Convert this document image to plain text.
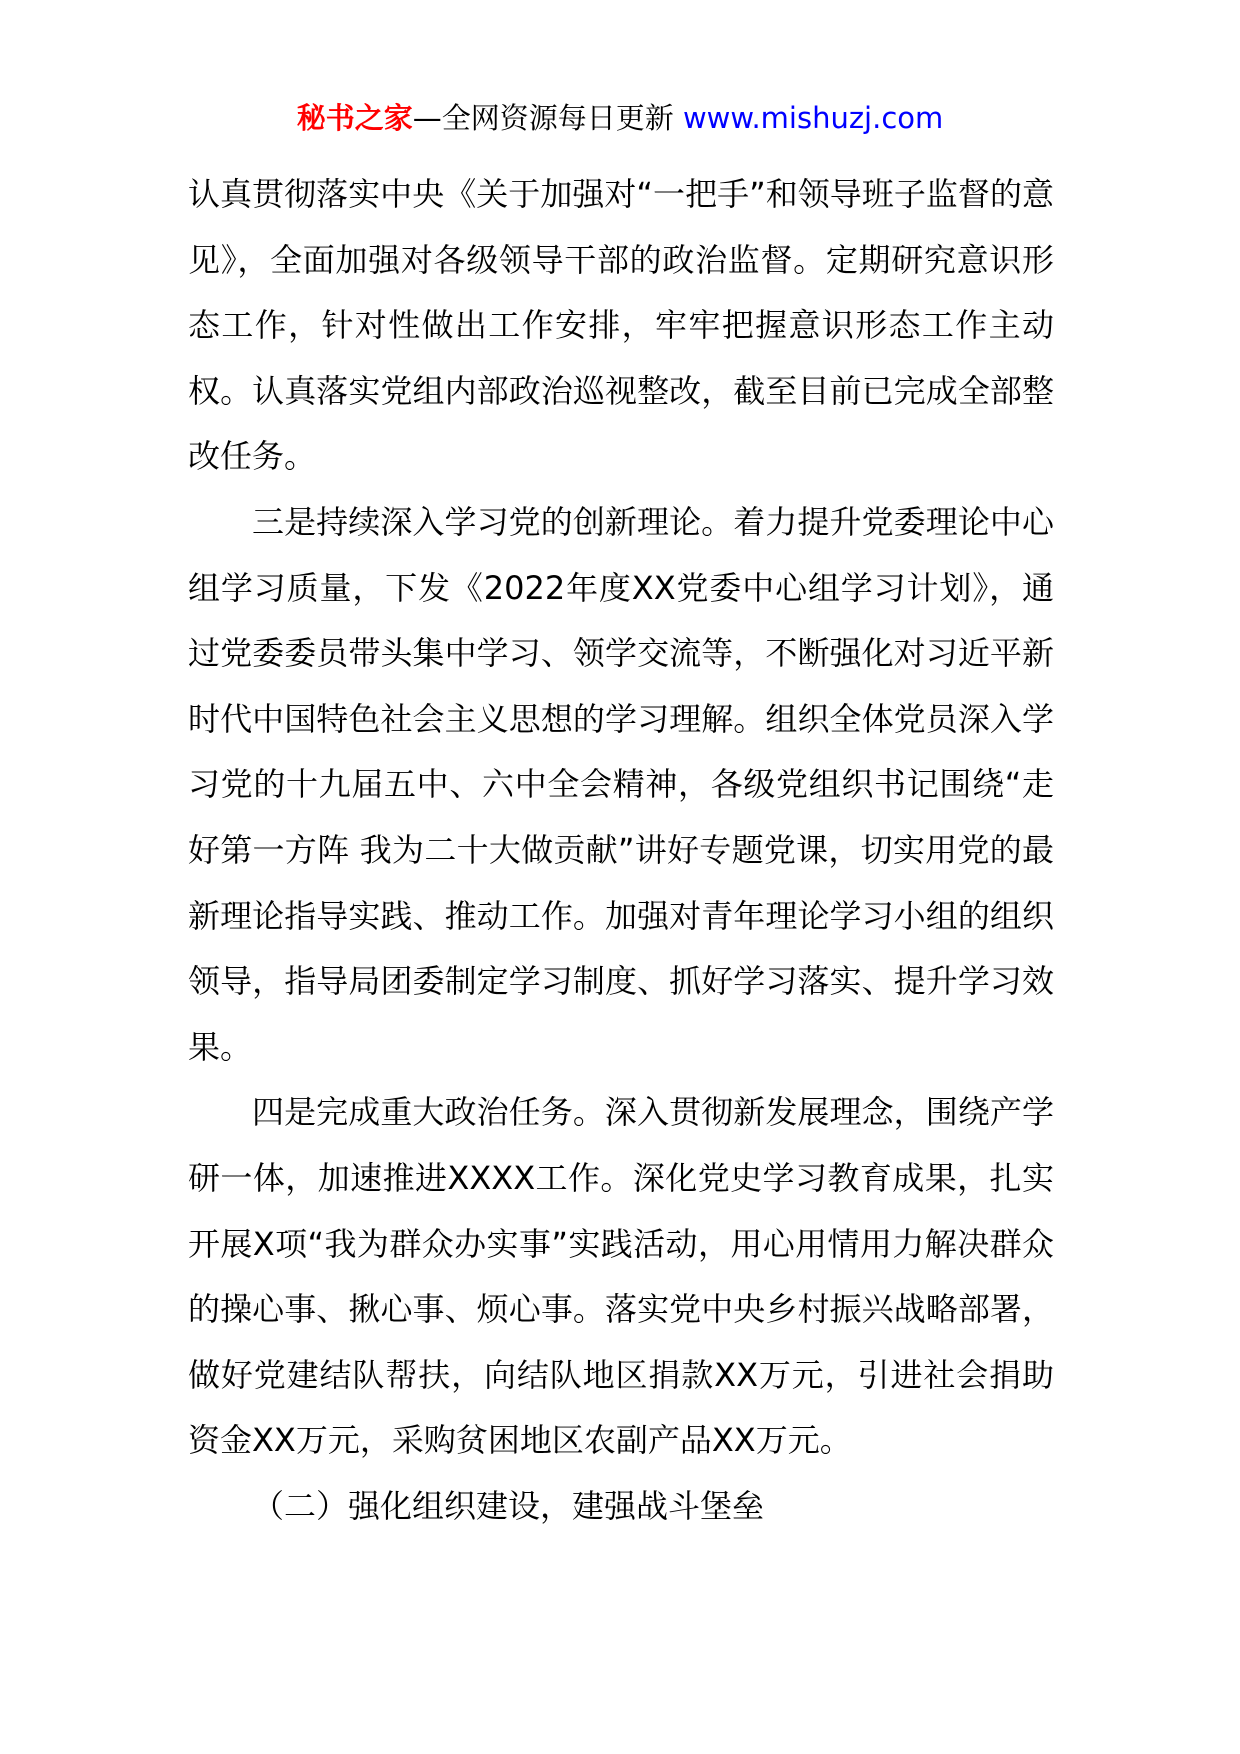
秘书之家—全网资源每日更新 www.mishuzj.com

认真贯彻落实中央《关于加强对“一把手”和领导班子监督的意见》，全面加强对各级领导干部的政治监督。定期研究意识形态工作，针对性做出工作安排，牢牢把握意识形态工作主动权。认真落实党组内部政治巡视整改，截至目前已完成全部整改任务。

三是持续深入学习党的创新理论。着力提升党委理论中心组学习质量，下发《2022年度XX党委中心组学习计划》，通过党委委员带头集中学习、领学交流等，不断强化对习近平新时代中国特色社会主义思想的学习理解。组织全体党员深入学习党的十九届五中、六中全会精神，各级党组织书记围绕“走好第一方阵 我为二十大做贡献”讲好专题党课，切实用党的最新理论指导实践、推动工作。加强对青年理论学习小组的组织领导，指导局团委制定学习制度、抓好学习落实、提升学习效果。

四是完成重大政治任务。深入贯彻新发展理念，围绕产学研一体，加速推进XXXX工作。深化党史学习教育成果，扎实开展X项“我为群众办实事”实践活动，用心用情用力解决群众的操心事、揪心事、烦心事。落实党中央乡村振兴战略部署，做好党建结队帮扶，向结队地区捐款XX万元，引进社会捐助资金XX万元，采购贫困地区农副产品XX万元。

（二）强化组织建设，建强战斗堡垒
